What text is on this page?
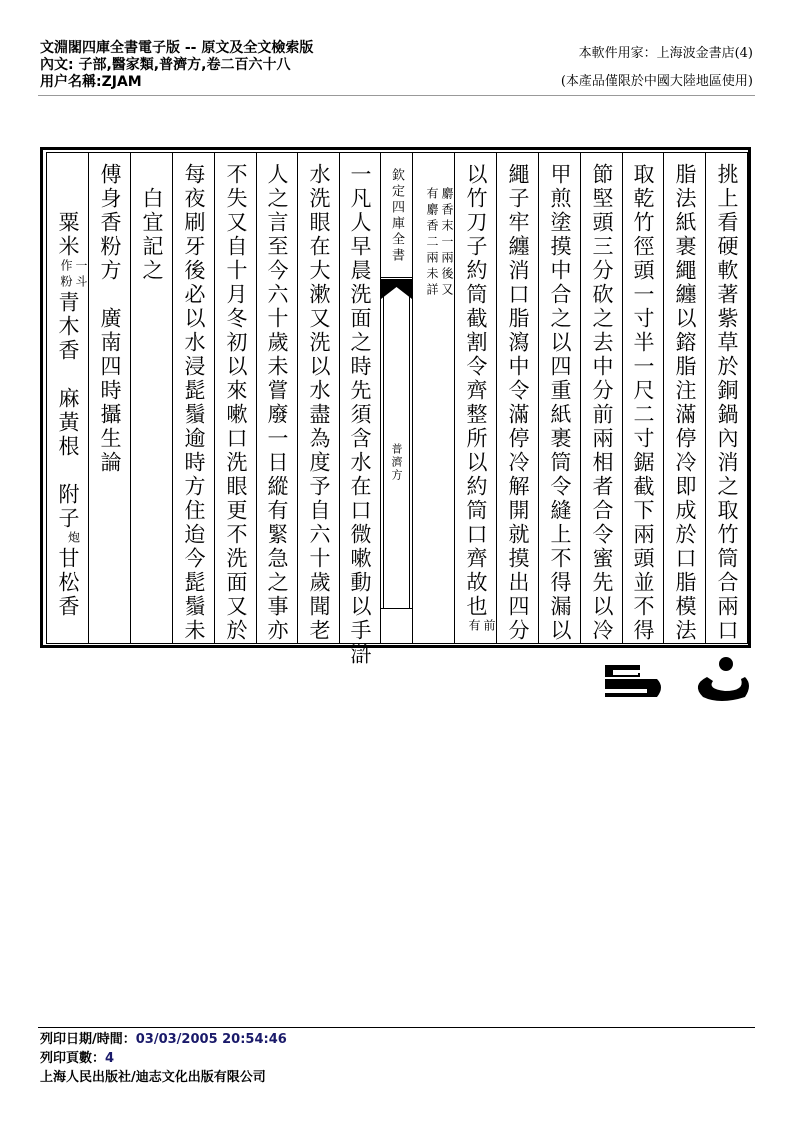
文淵閣四庫全書電子版 -- 原文及全文檢索版
內文: 子部,醫家類,普濟方,卷二百六十八
用户名稱:ZJAM
本軟件用家：上海波金書店(4)
(本產品僅限於中國大陸地區使用)
挑上看硬軟著紫草於銅鍋內消之取竹筒合兩口
脂法紙裹繩纏以鎔脂注滿停冷即成於口脂模法
取乾竹徑頭一寸半一尺二寸鋸截下兩頭並不得
節堅頭三分砍之去中分前兩相者合令蜜先以冷
甲煎塗摸中合之以四重紙裹筒令縫上不得漏以
繩子牢纏消口脂瀉中令滿停冷解開就摸出四分
以竹刀子約筒截割令齊整所以約筒口齊故也
前
有

麝香末一兩後又
有麝香二兩未詳
一凡人早晨洗面之時先須含水在口微嗽動以手滸
水洗眼在大漱又洗以水盡為度予自六十歲聞老
人之言至今六十歲未嘗廢一日縱有緊急之事亦
不失又自十月冬初以來嗽口洗眼更不洗面又於
每夜刷牙後必以水浸髭鬚逾時方住迨今髭鬚未
　白宜記之
傅身香粉方　廣南四時攝生論
　　粟米
一斗
作粉
青木香　麻黃根　附子
炮
甘松香
欽定四庫全書
普濟方
列印日期/時間：03/03/2005 20:54:46
列印頁數：4
上海人民出版社/迪志文化出版有限公司
